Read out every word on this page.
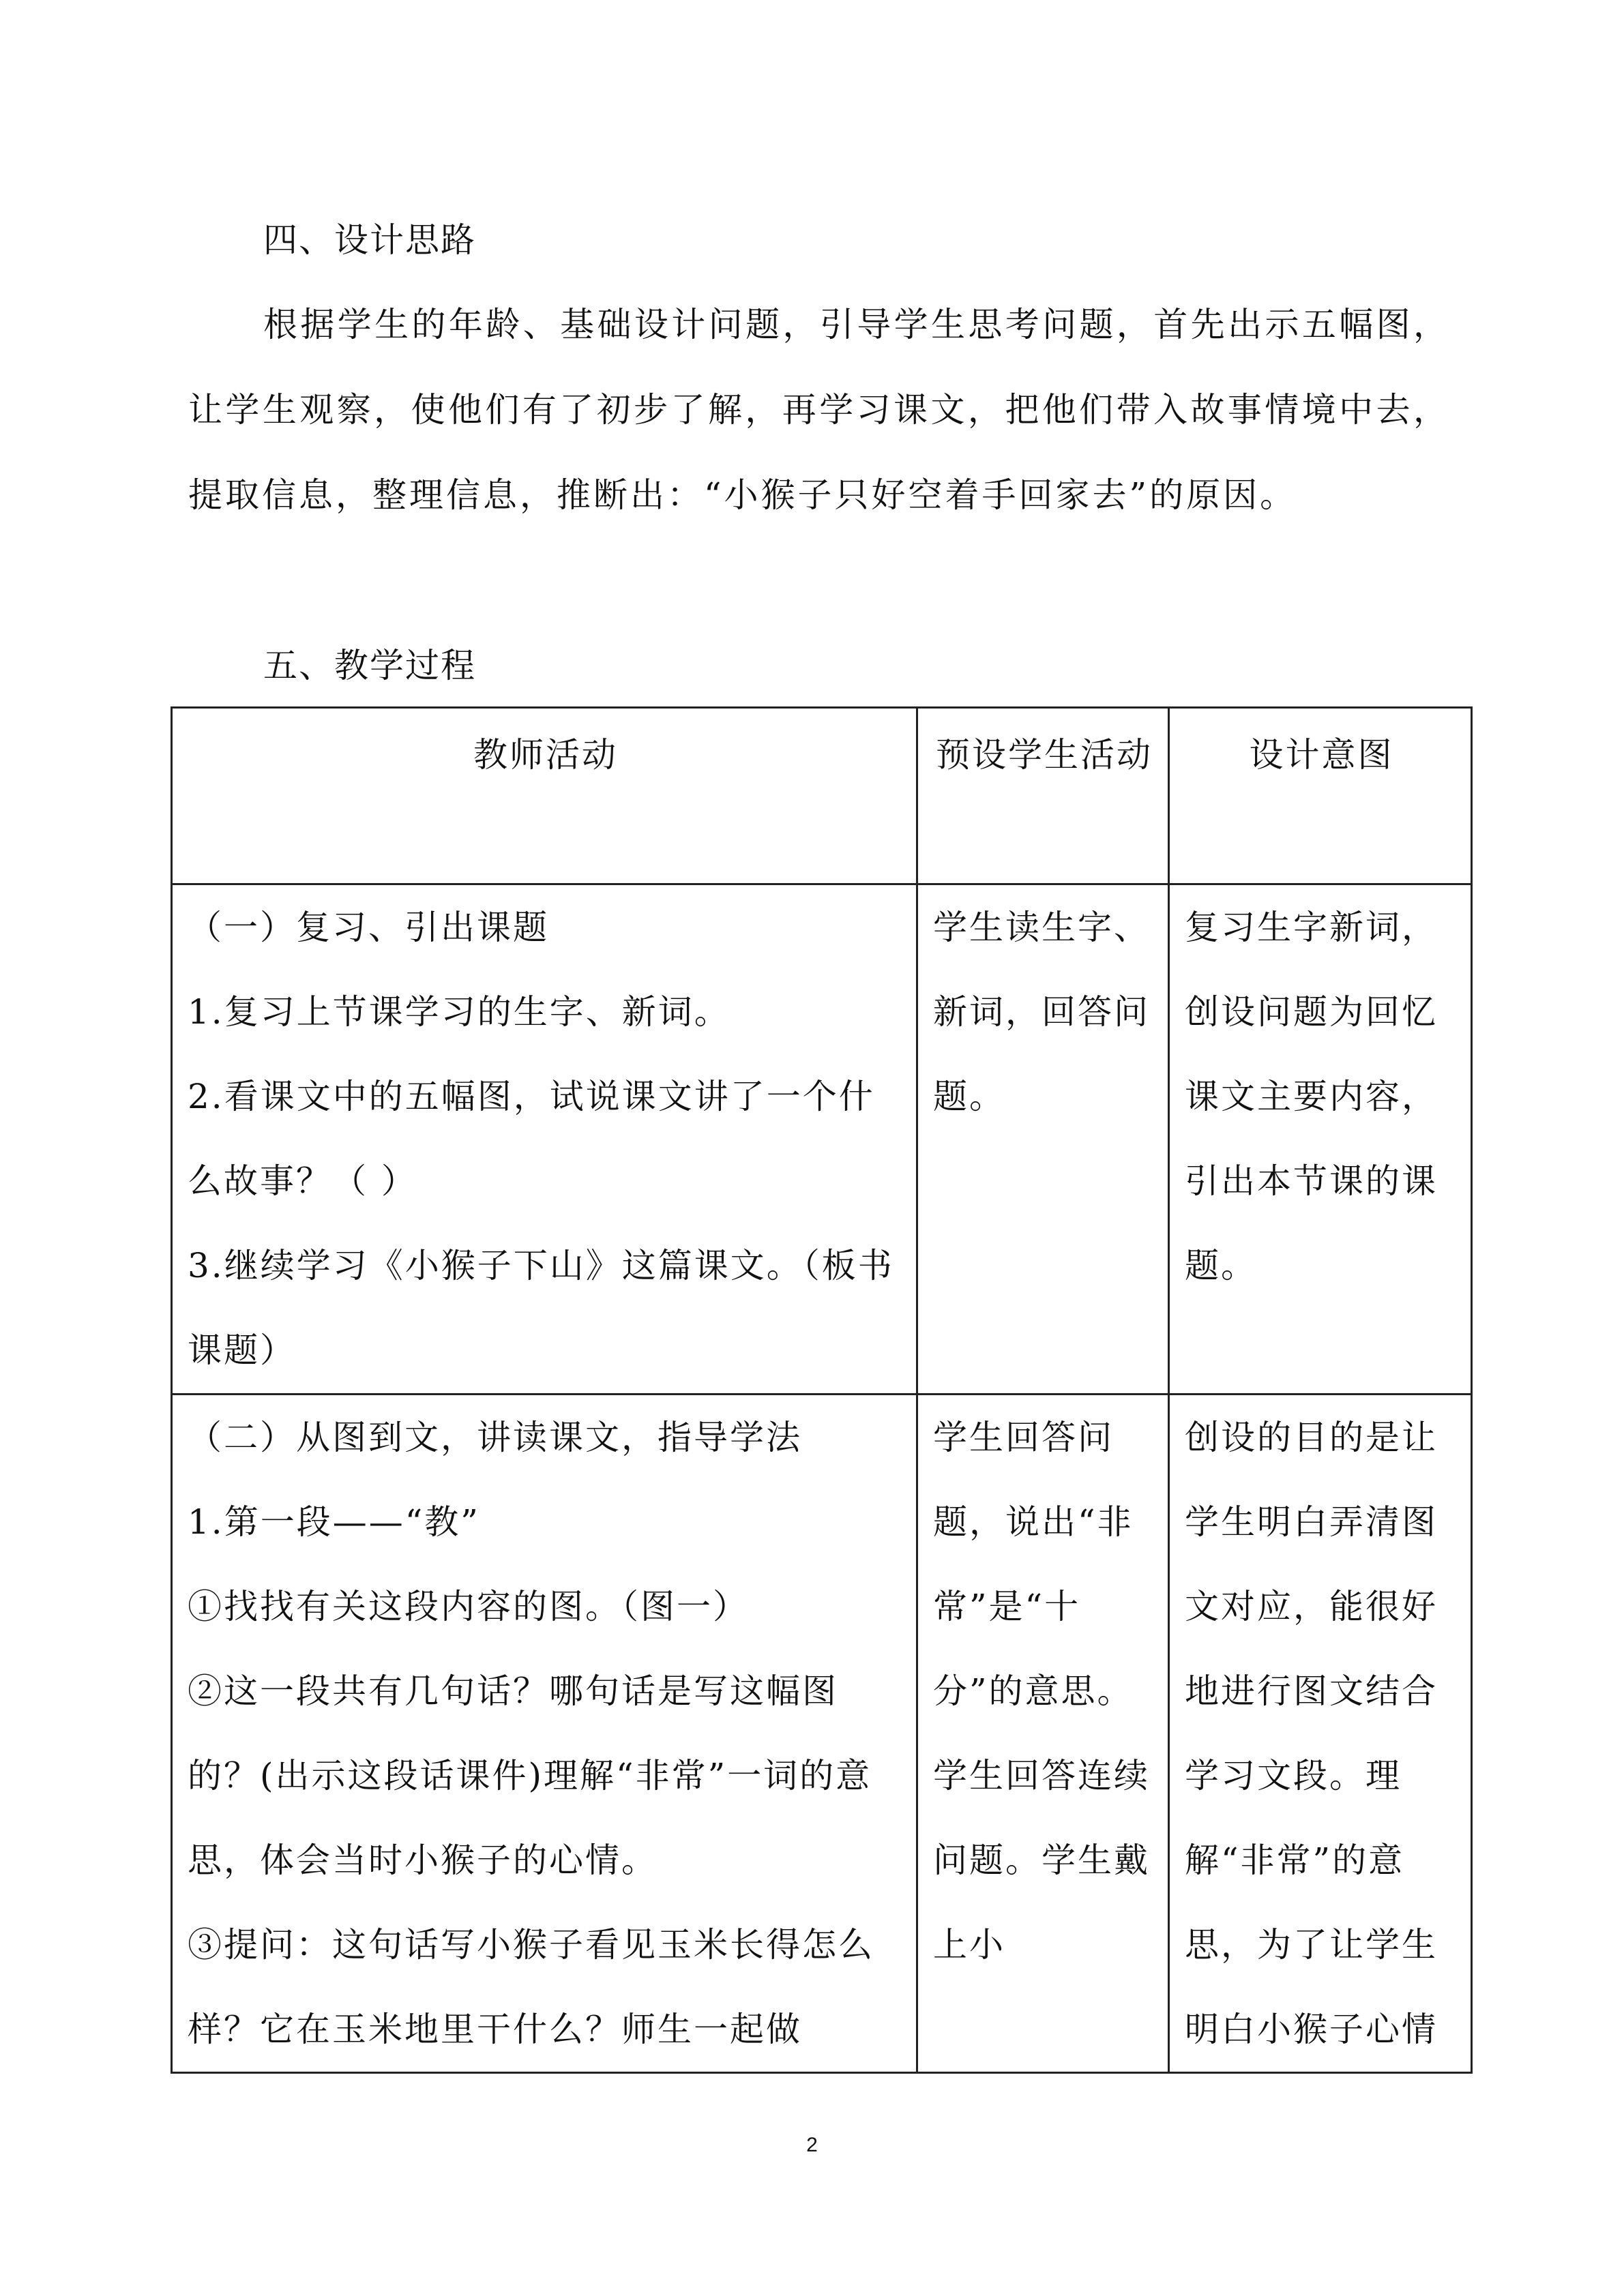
四、设计思路

根据学生的年龄、基础设计问题，引导学生思考问题，首先出示五幅图，让学生观察，使他们有了初步了解，再学习课文，把他们带入故事情境中去，提取信息，整理信息，推断出：“小猴子只好空着手回家去”的原因。

五、教学过程
教师活动	预设学生活动	设计意图

（一）复习、引出课题
1.复习上节课学习的生字、新词。
2.看课文中的五幅图，试说课文讲了一个什么故事？（ ）
3.继续学习《小猴子下山》这篇课文。（板书课题）	学生读生字、新词，回答问题。	复习生字新词，创设问题为回忆课文主要内容，引出本节课的课题。

（二）从图到文，讲读课文，指导学法
1.第一段——“教”
①找找有关这段内容的图。（图一）
②这一段共有几句话？哪句话是写这幅图的？(出示这段话课件)理解“非常”一词的意思，体会当时小猴子的心情。
③提问：这句话写小猴子看见玉米长得怎么样？它在玉米地里干什么？师生一起做	学生回答问题，说出“非常”是“十分”的意思。学生回答连续问题。学生戴上小	创设的目的是让学生明白弄清图文对应，能很好地进行图文结合学习文段。理解“非常”的意思，为了让学生明白小猴子心情
2
